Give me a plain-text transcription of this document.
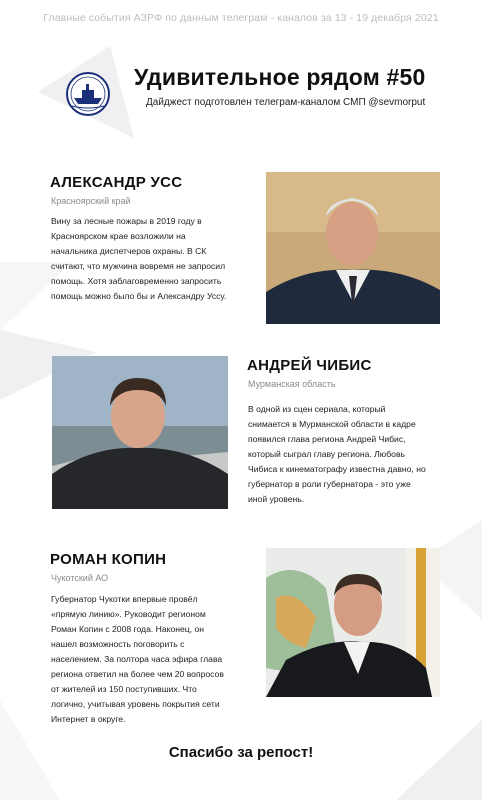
Главные события АЗРФ по данным телеграм - каналов за 13 - 19 декабря 2021
Удивительное рядом #50
Дайджест подготовлен телеграм-каналом СМП @sevmorput
АЛЕКСАНДР УСС
Красноярский край
Вину за лесные пожары в 2019 году в
Красноярском крае возложили на
начальника диспетчеров охраны. В СК
считают, что мужчина вовремя не запросил
помощь. Хотя заблаговременно запросить
помощь можно было бы и Александру Уссу.
АНДРЕЙ ЧИБИС
Мурманская область
В одной из сцен сериала, который
снимается в Мурманской области в кадре
появился глава региона Андрей Чибис,
который сыграл главу региона. Любовь
Чибиса к кинематографу известна давно, но
губернатор в роли губернатора - это уже
иной уровень.
РОМАН КОПИН
Чукотский АО
Губернатор Чукотки впервые провёл
«прямую линию». Руководит регионом
Роман Копин с 2008 года. Наконец, он
нашел возможность поговорить с
населением. За полтора часа эфира глава
региона ответил на более чем 20 вопросов
от жителей из 150 поступивших. Что
логично, учитывая уровень покрытия сети
Интернет в округе.
Спасибо за репост!
